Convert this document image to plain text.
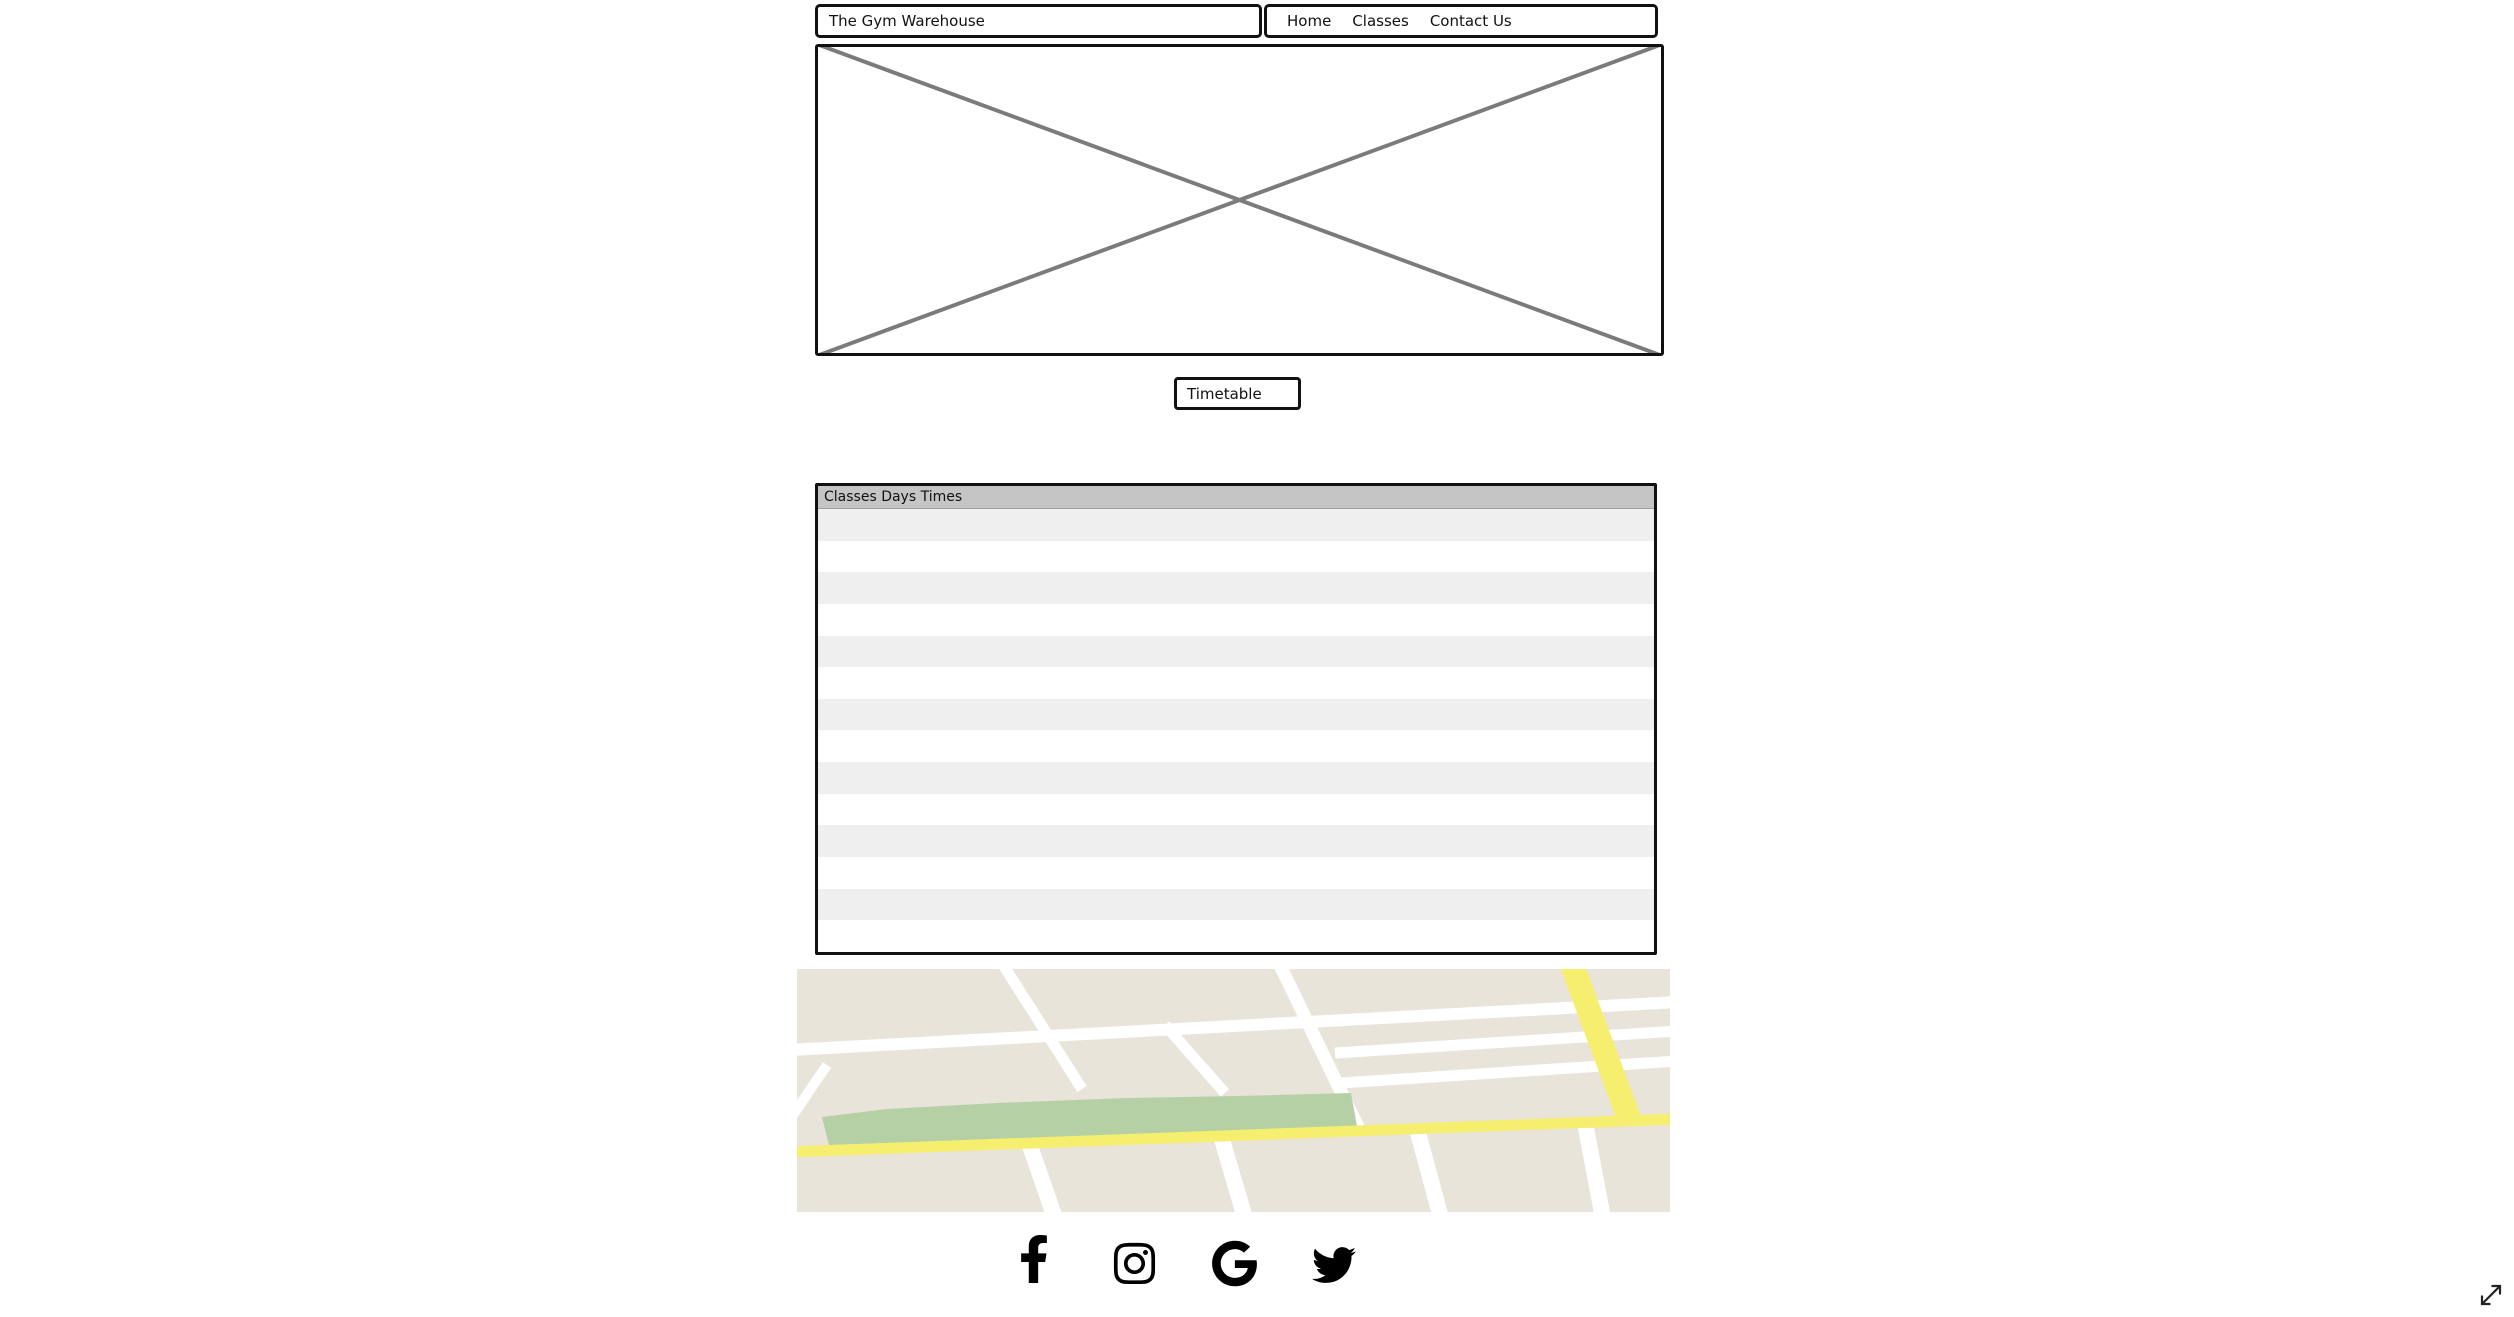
The Gym Warehouse	Home Classes Contact Us
Timetable
Classes Days Times
